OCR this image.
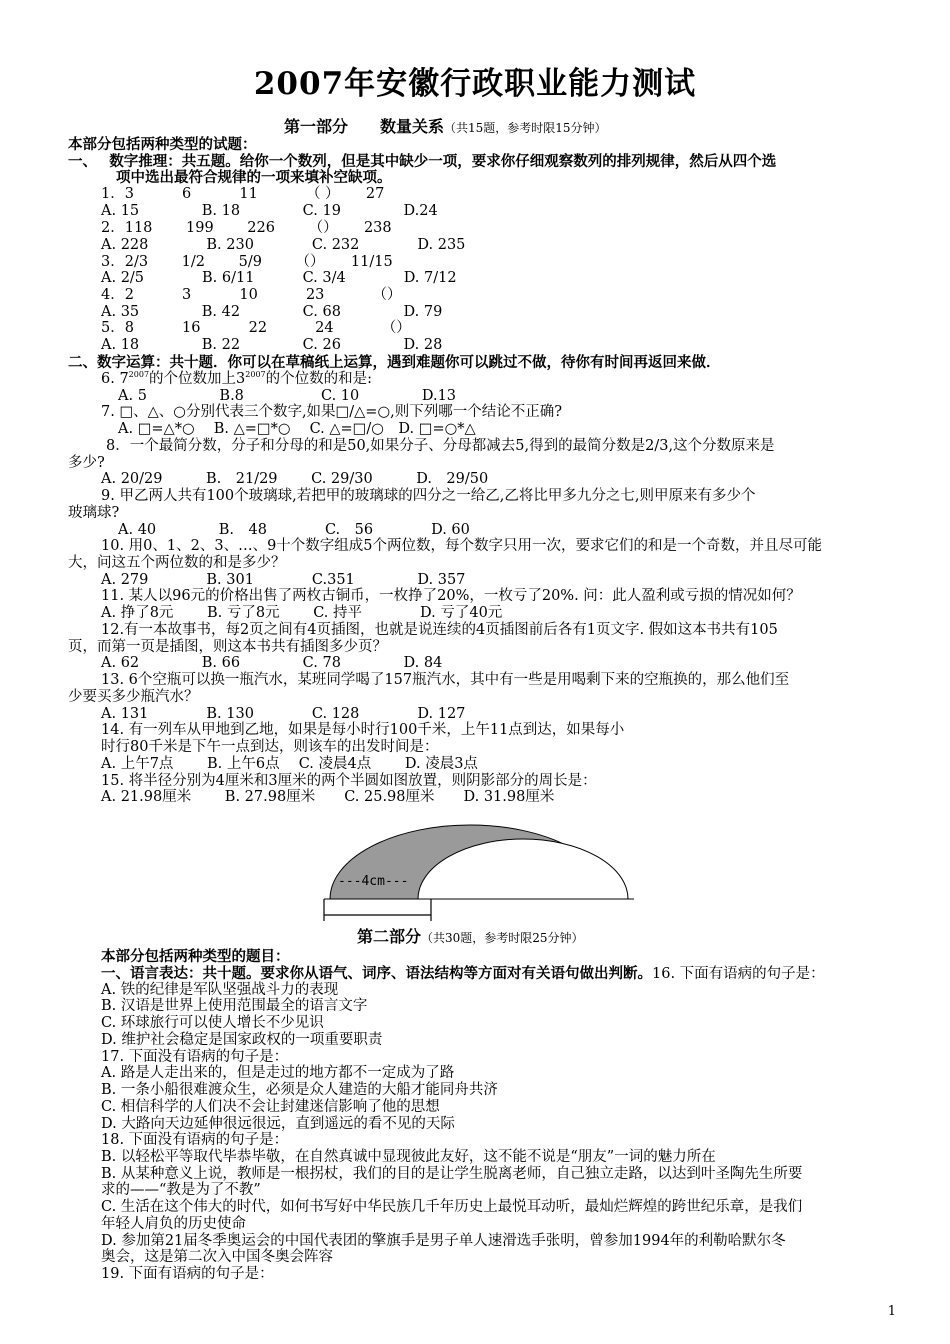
2007年安徽行政职业能力测试
第一部分　　数量关系（共15题，参考时限15分钟）
本部分包括两种类型的试题：
一、　 数字推理：共五题。给你一个数列，但是其中缺少一项，要求你仔细观察数列的排列规律，然后从四个选
项中选出最符合规律的一项来填补空缺项。
1．3　　　 6　　　 11　　　 （ ）　　 27
A. 15　　　　 B. 18　　　　 C. 19　　　　 D.24
2．118　　 199　　 226　　 （）　　 238
A. 228　　　　B. 230　　　　C. 232　　　　D. 235
3．2/3　　 1/2　　 5/9　　 （）　　 11/15
A. 2/5　　　　B. 6/11　　　 C. 3/4　　　　D. 7/12
4．2　　　 3　　　 10　　　 23　　　 （）
A. 35　　　　 B. 42　　　　 C. 68　　　　 D. 79
5．8　　　 16　　　 22　　　 24　　　 （）
A. 18　　　　 B. 22　　　　 C. 26　　　　 D. 28
二、数字运算：共十题．你可以在草稿纸上运算，遇到难题你可以跳过不做，待你有时间再返回来做．
6. $7^{2007}$的个位数加上$3^{2007}$的个位数的和是:
A. 5　　　　　B.8　　　　　 C. 10　　　　 D.13
7. □、△、○分别代表三个数字,如果□/△=○,则下列哪一个结论不正确?
A. □=△*○　 B. △=□*○　 C. △=□/○　D. □=○*△
8．一个最简分数，分子和分母的和是50,如果分子、分母都减去5,得到的最简分数是2/3,这个分数原来是
多少?
A. 20/29　　　B.　21/29　　 C. 29/30　　　D.　29/50
9. 甲乙两人共有100个玻璃球,若把甲的玻璃球的四分之一给乙,乙将比甲多九分之七,则甲原来有多少个
玻璃球?
A. 40　　　　 B.　48　　　　C.　56　　　　D. 60
10. 用0、1、2、3、…、9十个数字组成5个两位数，每个数字只用一次，要求它们的和是一个奇数，并且尽可能
大，问这五个两位数的和是多少？
A. 279　　　　B. 301　　　　C.351　　　　 D. 357
11. 某人以96元的价格出售了两枚古铜币，一枚挣了20%，一枚亏了20%. 问：此人盈利或亏损的情况如何？
A. 挣了8元　　 B. 亏了8元　　 C. 持平　　　　D. 亏了40元
12.有一本故事书，每2页之间有4页插图，也就是说连续的4页插图前后各有1页文字. 假如这本书共有105
页，而第一页是插图，则这本书共有插图多少页？
A. 62　　　　 B. 66　　　　 C. 78　　　　 D. 84
13. 6个空瓶可以换一瓶汽水，某班同学喝了157瓶汽水，其中有一些是用喝剩下来的空瓶换的，那么他们至
少要买多少瓶汽水？
A. 131　　　　B. 130　　　　C. 128　　　　D. 127
14. 有一列车从甲地到乙地，如果是每小时行100千米，上午11点到达，如果每小
时行80千米是下午一点到达，则该车的出发时间是：
A. 上午7点　　 B. 上午6点　 C. 凌晨4点　　 D. 凌晨3点
15. 将半径分别为4厘米和3厘米的两个半圆如图放置，则阴影部分的周长是：
A. 21.98厘米　　 B. 27.98厘米　　C. 25.98厘米　　D. 31.98厘米
---4cm---
第二部分（共30题，参考时限25分钟）
本部分包括两种类型的题目：
一、语言表达：共十题。要求你从语气、词序、语法结构等方面对有关语句做出判断。16. 下面有语病的句子是：
A. 铁的纪律是军队坚强战斗力的表现
B. 汉语是世界上使用范围最全的语言文字
C. 环球旅行可以使人增长不少见识
D. 维护社会稳定是国家政权的一项重要职责
17. 下面没有语病的句子是：
A. 路是人走出来的，但是走过的地方都不一定成为了路
B. 一条小船很难渡众生，必须是众人建造的大船才能同舟共济
C. 相信科学的人们决不会让封建迷信影响了他的思想
D. 大路向天边延伸很远很远，直到遥远的看不见的天际
18. 下面没有语病的句子是：
B. 以轻松平等取代毕恭毕敬，在自然真诚中显现彼此友好，这不能不说是“朋友”一词的魅力所在
B. 从某种意义上说，教师是一根拐杖，我们的目的是让学生脱离老师，自己独立走路，以达到叶圣陶先生所要
求的——“教是为了不教”
C. 生活在这个伟大的时代，如何书写好中华民族几千年历史上最悦耳动听，最灿烂辉煌的跨世纪乐章，是我们
年轻人肩负的历史使命
D. 参加第21届冬季奥运会的中国代表团的擎旗手是男子单人速滑选手张明，曾参加1994年的利勒哈默尔冬
奥会，这是第二次入中国冬奥会阵容
19. 下面有语病的句子是：
1
